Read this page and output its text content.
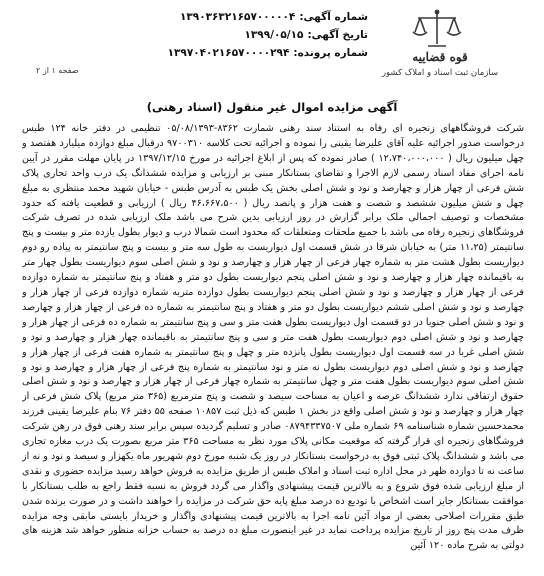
شماره آگهی:
۱۳۹۰۳۶۳۲۱۶۵۷۰۰۰۰۰۴
تاریخ آگهی:
۱۳۹۹/۰۵/۱۵
شماره پرونده:
۱۳۹۷۰۴۰۲۱۶۵۷۰۰۰۰۲۹۴	قوه قضاییه
سازمان ثبت اسناد و املاک کشور
صفحه ۱ از ۲
آگهی مزایده اموال غیر منقول (اسناد رهنی)
شرکت فروشگاههای زنجیره ای رفاه به استناد سند رهنی شمارت ۸۳۶۲-۰۵/۰۸/۱۳۹۳ تنظیمی در دفتر خانه ۱۲۴ طبس درخواست صدور اجرائیه علیه آقای علیرضا یقینی را نموده و اجرائیه تحت کلاسه ۹۷۰۰۳۱۰ درقبال مبلغ دوازده میلیارد هفتصد و چهل میلیون ریال ( ۱۲،۷۴۰،۰۰۰،۰۰۰ ) صادر نموده که پس از ابلاغ اجرائیه در مورخ ۱۳۹۷/۱۲/۱۵ در پایان مهلت مقرر در آیین نامه اجرای مفاد اسناد رسمی لازم الاجرا و تقاضای بستانکار مبنی بر ارزیابی و مزایده ششدانگ یک درب واحد تجاری پلاک شش فرعی از چهار هزار و چهارصد و نود و شش اصلی بخش یک طبس به آدرس طبس - خیابان شهید محمد منتظری به مبلغ چهل و شش میلیون ششصد و شصت و هفت هزار و پانصد ریال ( ۴۶،۶۶۷،۵۰۰ ریال ) ارزیابی و قطعیت یافته که حدود مشخصات و توصیف اجمالی ملک برابر گزارش در روز ارزیابی بدین شرح می باشد ملک ارزیابی شده در تصرف شرکت فروشگاهای زنجیره رفاه می باشد با جمیع ملحقات ومتعلقات که محدود است شمالا درب و دیوار بطول یازده متر و بیست و پنج سانتیمتر (۱۱،۲۵ متر) به خیابان شرقا در شش قسمت اول دیواریست به طول سه متر و بیست و پنج سانتیمتر به پیاده رو دوم دیواریست بطول هشت متر به شماره چهار فرعی از چهار هزار و چهارصد و نود و شش اصلی سوم دیواریست بطول چهار متر به باقیمانده چهار هزار و چهارصد و نود و شش اصلی پنجم دیواریست بطول دو متر و هفتاد و پنج سانتیمتر به شماره دوازده فرعی از چهار هزار و چهارصد و نود و شش اصلی پنجم دیواریست بطول دوازده متربه شماره دوازده فرعی از چهار هزار و چهارصد و نود و شش اصلی ششم دیواریست بطول دو متر و هفتاد و پنج سانتیمتر به شماره ده فرعی از چهار هزار و چهارصد و نود و شش اصلی جنوبا در دو قسمت اول دیواریست بطول هفت متر و سی و پنج سانتیمتر به شماره ده فرعی از چهار هزار و چهارصد و نود و شش اصلی دوم دیواریست بطول هفت متر و سی و پنج سانتیمتر به باقیمانده چهار هزار و چهارصد و نود و شش اصلی غربا در سه قسمت اول دیواریست بطول پانزده متر و چهل و پنج سانتیمتر به شماره هفت فرعی از چهار هزار و چهارصد و نود و شش اصلی دوم دیواریست بطول نه متر و نود سانتیمتر به شماره پنج فرعی از چهار هزار و چهارصد و نود و شش اصلی سوم دیواریست بطول هفت متر و چهل سانتیمتر به شماره چهار فرعی از چهار هزار و چهارصد و نود و شش اصلی حقوق ارتفاقی ندارد ششدانگ عرصه و اعیان به مساحت سیصد و شصت و پنج مترمربع (۳۶۵ متر مربع) پلاک شش فرعی از چهار هزار و چهارصد و نود و شش اصلی واقع در بخش ۱ طبس که ذیل ثبت ۱۰۸۵۷ صفحه ۵۵ دفتر ۷۶ بنام علیرضا یقینی فرزند محمدحسین شماره شناسنامه ۶۹ شماره ملی ۰۸۷۹۴۳۳۷۵۰۷ صادر و تسلیم گردیده سپس برابر سند رهنی فوق در رهن شرکت فروشگاهای زنجیره ای قرار گرفته که موقعیت مکانی پلاک مورد نظر به مساحت ۳۶۵ متر مربع بصورت یک درب مغازه تجاری می باشد و ششدانگ پلاک ثبتی فوق به درخواست بستانکار در روز یک شنبه مورخ دوم شهریور ماه یکهزار و سیصد و نود و نه از ساعت نه تا دوازده ظهر در محل اداره ثبت اسناد و املاک طبس از طریق مزایده به فروش خواهد رسید مزایده حضوری و نقدی از مبلغ ارزیابی شده فوق شروع و به بالاترین قیمت پیشنهادی واگذار می گردد فروش به نسبه فقط راجع به طلب بستانکار با موافقت بستانکار جایز است اشخاص با تودیع ده درصد مبلغ پایه حق شرکت در مزایده را خواهند داشت و در صورت برنده شدن طبق مقررات اصلاحی بعضی از مواد آئین نامه اجرا به بالاترین قیمت پیشنهادی واگذار و خریدار بایستی مابقی وجه مزایده ظرف مدت پنج روز از تاریخ مزایده پرداخت نماید در غیر اینصورت مبلغ ده درصد به حساب خزانه منظور خواهد شد هزینه های دولتی به شرح ماده ۱۲۰ آئین
